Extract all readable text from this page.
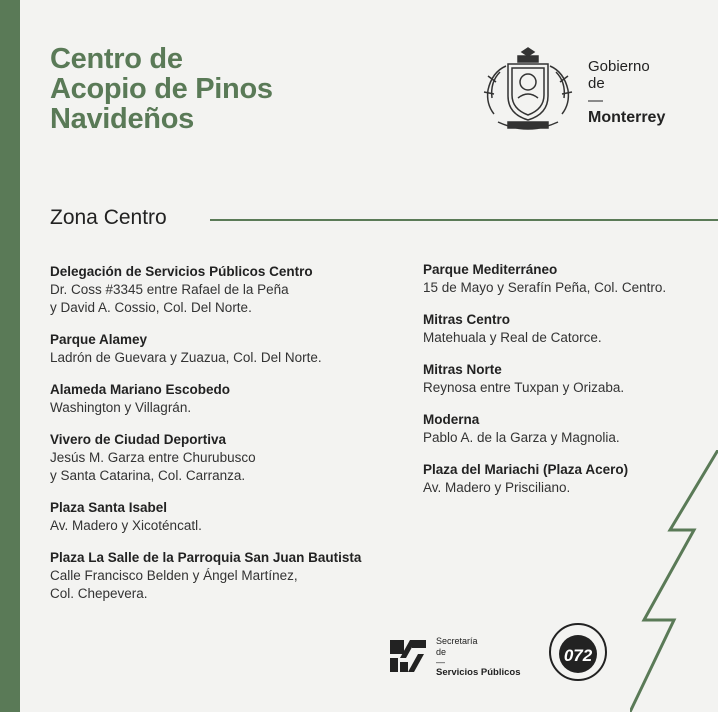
Centro de
Acopio de Pinos
Navideños
Gobierno
de
—
Monterrey
Zona Centro
Delegación de Servicios Públicos Centro
Dr. Coss #3345 entre Rafael de la Peña
y David A. Cossio, Col. Del Norte.
Parque Alamey
Ladrón de Guevara y Zuazua, Col. Del Norte.
Alameda Mariano Escobedo
Washington y Villagrán.
Vivero de Ciudad Deportiva
Jesús M. Garza entre Churubusco
y Santa Catarina, Col. Carranza.
Plaza Santa Isabel
Av. Madero y Xicoténcatl.
Plaza La Salle de la Parroquia San Juan Bautista
Calle Francisco Belden y Ángel Martínez,
Col. Chepevera.
Parque Mediterráneo
15 de Mayo y Serafín Peña, Col. Centro.
Mitras Centro
Matehuala y Real de Catorce.
Mitras Norte
Reynosa entre Tuxpan y Orizaba.
Moderna
Pablo A. de la Garza y Magnolia.
Plaza del Mariachi (Plaza Acero)
Av. Madero y Prisciliano.
Secretaría
de
—
Servicios Públicos
072
